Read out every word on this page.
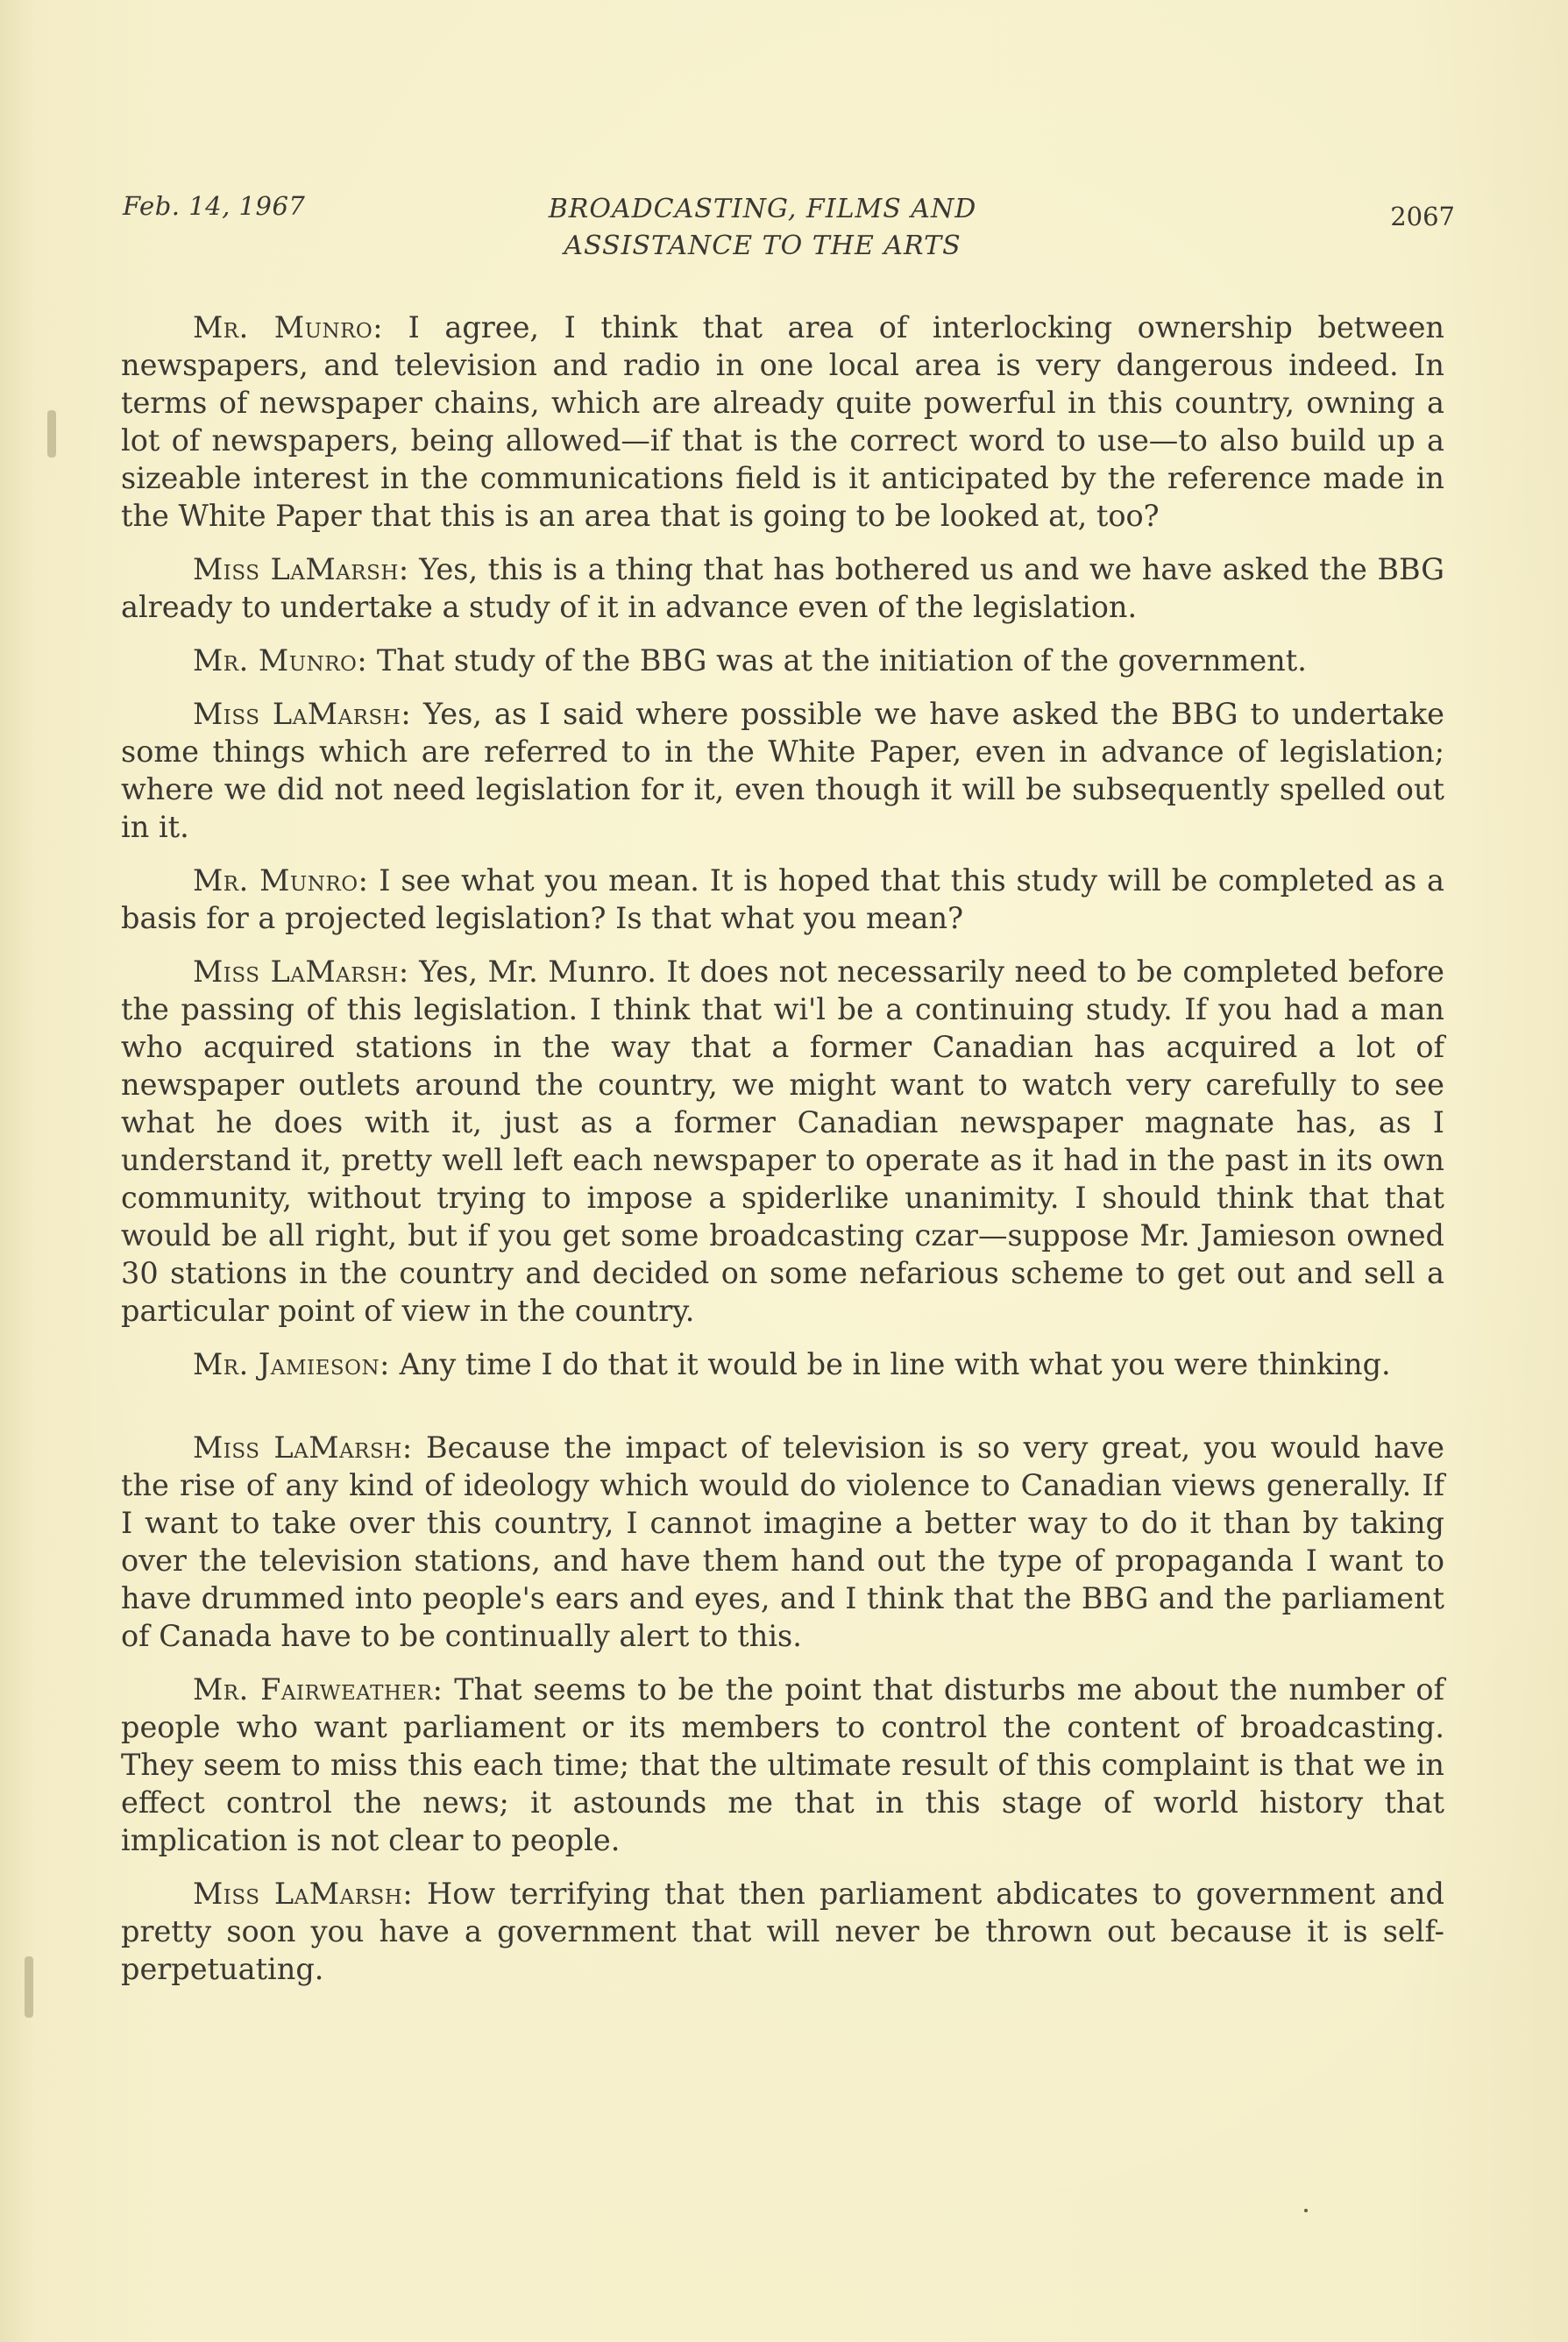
Feb. 14, 1967	BROADCASTING, FILMS AND
ASSISTANCE TO THE ARTS
2067

Mr. Munro: I agree, I think that area of interlocking ownership between newspapers, and television and radio in one local area is very dangerous indeed. In terms of newspaper chains, which are already quite powerful in this country, owning a lot of newspapers, being allowed—if that is the correct word to use—to also build up a sizeable interest in the communications field is it anticipated by the reference made in the White Paper that this is an area that is going to be looked at, too?

Miss LaMarsh: Yes, this is a thing that has bothered us and we have asked the BBG already to undertake a study of it in advance even of the legislation.

Mr. Munro: That study of the BBG was at the initiation of the government.

Miss LaMarsh: Yes, as I said where possible we have asked the BBG to undertake some things which are referred to in the White Paper, even in advance of legislation; where we did not need legislation for it, even though it will be subsequently spelled out in it.

Mr. Munro: I see what you mean. It is hoped that this study will be completed as a basis for a projected legislation? Is that what you mean?

Miss LaMarsh: Yes, Mr. Munro. It does not necessarily need to be completed before the passing of this legislation. I think that wi'l be a continuing study. If you had a man who acquired stations in the way that a former Canadian has acquired a lot of newspaper outlets around the country, we might want to watch very carefully to see what he does with it, just as a former Canadian newspaper magnate has, as I understand it, pretty well left each newspaper to operate as it had in the past in its own community, without trying to impose a spiderlike unanimity. I should think that that would be all right, but if you get some broadcasting czar—suppose Mr. Jamieson owned 30 stations in the country and decided on some nefarious scheme to get out and sell a particular point of view in the country.

Mr. Jamieson: Any time I do that it would be in line with what you were thinking.

Miss LaMarsh: Because the impact of television is so very great, you would have the rise of any kind of ideology which would do violence to Canadian views generally. If I want to take over this country, I cannot imagine a better way to do it than by taking over the television stations, and have them hand out the type of propaganda I want to have drummed into people's ears and eyes, and I think that the BBG and the parliament of Canada have to be continually alert to this.

Mr. Fairweather: That seems to be the point that disturbs me about the number of people who want parliament or its members to control the content of broadcasting. They seem to miss this each time; that the ultimate result of this complaint is that we in effect control the news; it astounds me that in this stage of world history that implication is not clear to people.

Miss LaMarsh: How terrifying that then parliament abdicates to government and pretty soon you have a government that will never be thrown out because it is self-perpetuating.
